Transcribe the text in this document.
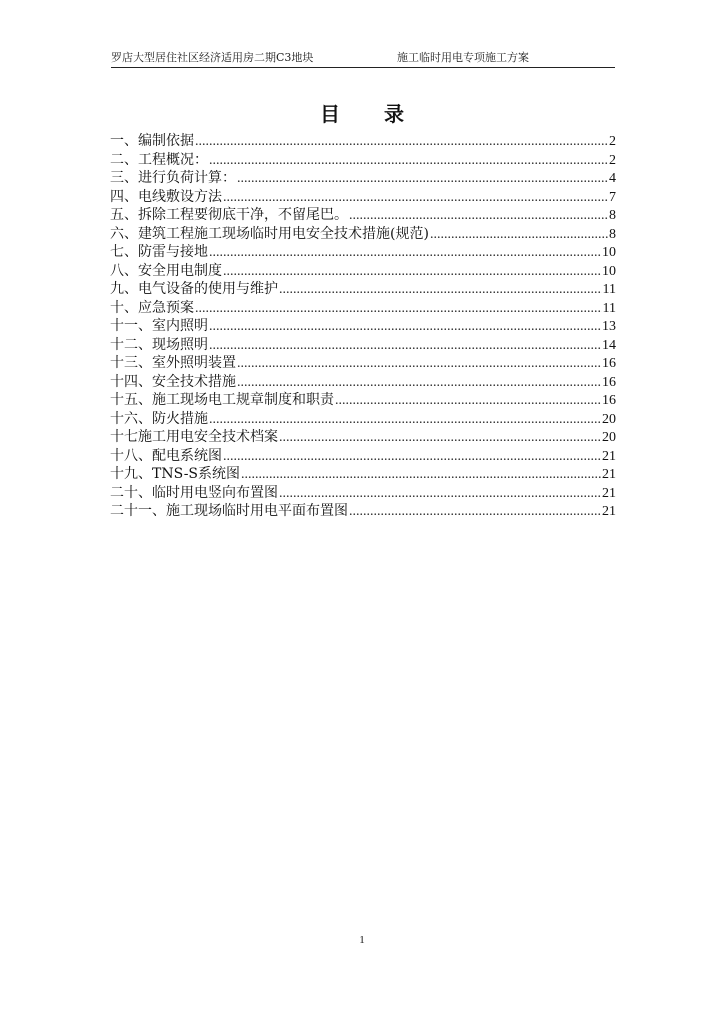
罗店大型居住社区经济适用房二期C3地块	施工临时用电专项施工方案
目录
一、编制依据 .....	2
二、工程概况： .....	2
三、进行负荷计算： .....	4
四、电线敷设方法 .....	7
五、拆除工程要彻底干净，不留尾巴。 .....	8
六、建筑工程施工现场临时用电安全技术措施(规范) .....	8
七、防雷与接地 .....	10
八、安全用电制度 .....	10
九、电气设备的使用与维护 .....	11
十、应急预案 .....	11
十一、室内照明 .....	13
十二、现场照明 .....	14
十三、室外照明装置 .....	16
十四、安全技术措施 .....	16
十五、施工现场电工规章制度和职责 .....	16
十六、防火措施 .....	20
十七施工用电安全技术档案 .....	20
十八、配电系统图 .....	21
十九、TNS-S系统图 .....	21
二十、临时用电竖向布置图 .....	21
二十一、施工现场临时用电平面布置图 .....	21
1
